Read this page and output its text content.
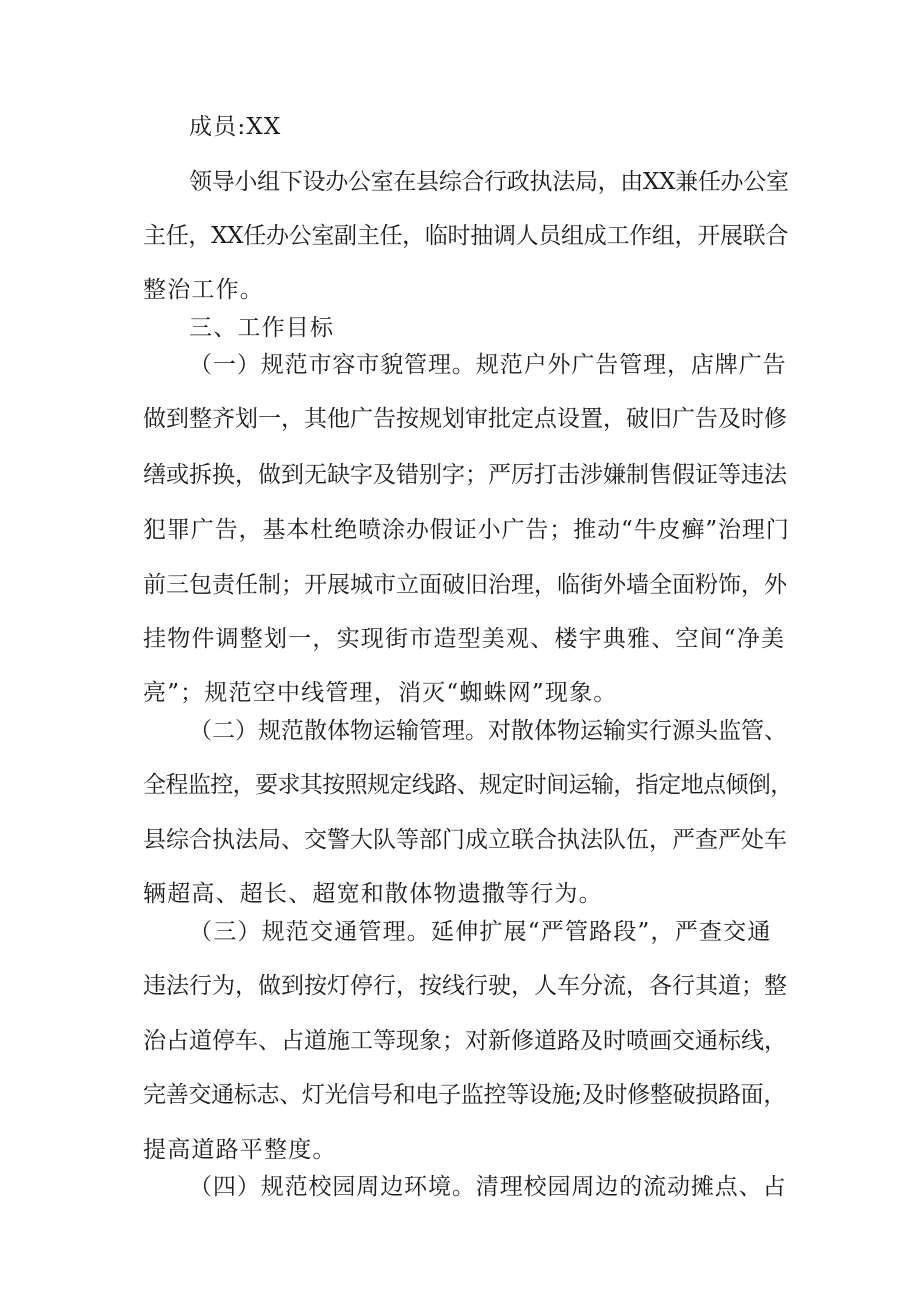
成员:XX
领导小组下设办公室在县综合行政执法局，由XX兼任办公室
主任，XX任办公室副主任，临时抽调人员组成工作组，开展联合
整治工作。
三、工作目标
（一）规范市容市貌管理。规范户外广告管理，店牌广告
做到整齐划一，其他广告按规划审批定点设置，破旧广告及时修
缮或拆换，做到无缺字及错别字；严厉打击涉嫌制售假证等违法
犯罪广告，基本杜绝喷涂办假证小广告；推动“牛皮癣”治理门
前三包责任制；开展城市立面破旧治理，临街外墙全面粉饰，外
挂物件调整划一，实现街市造型美观、楼宇典雅、空间“净美
亮”；规范空中线管理，消灭“蜘蛛网”现象。
（二）规范散体物运输管理。对散体物运输实行源头监管、
全程监控，要求其按照规定线路、规定时间运输，指定地点倾倒，
县综合执法局、交警大队等部门成立联合执法队伍，严查严处车
辆超高、超长、超宽和散体物遗撒等行为。
（三）规范交通管理。延伸扩展“严管路段”，严查交通
违法行为，做到按灯停行，按线行驶，人车分流，各行其道；整
治占道停车、占道施工等现象；对新修道路及时喷画交通标线，
完善交通标志、灯光信号和电子监控等设施;及时修整破损路面，
提高道路平整度。
（四）规范校园周边环境。清理校园周边的流动摊点、占
